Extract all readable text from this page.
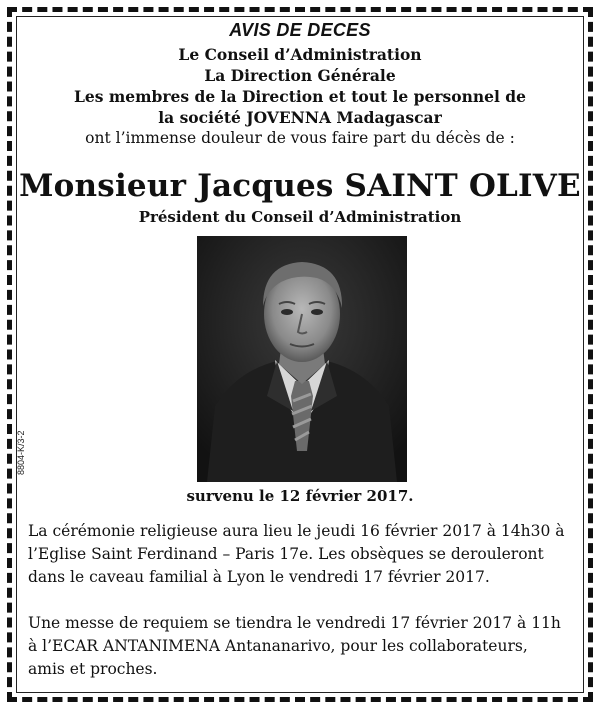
8804-K/3-2
AVIS DE DECES
Le Conseil d’Administration
La Direction Générale
Les membres de la Direction et tout le personnel de
la société JOVENNA Madagascar
ont l’immense douleur de vous faire part du décès de :
Monsieur Jacques SAINT OLIVE
Président du Conseil d’Administration
survenu le 12 février 2017.
La cérémonie religieuse aura lieu le jeudi 16 février 2017 à 14h30 à
l’Eglise Saint Ferdinand – Paris 17e. Les obsèques se derouleront
dans le caveau familial à Lyon le vendredi 17 février 2017.
Une messe de requiem se tiendra le vendredi 17 février 2017 à 11h
à l’ECAR ANTANIMENA Antananarivo, pour les collaborateurs,
amis et proches.
